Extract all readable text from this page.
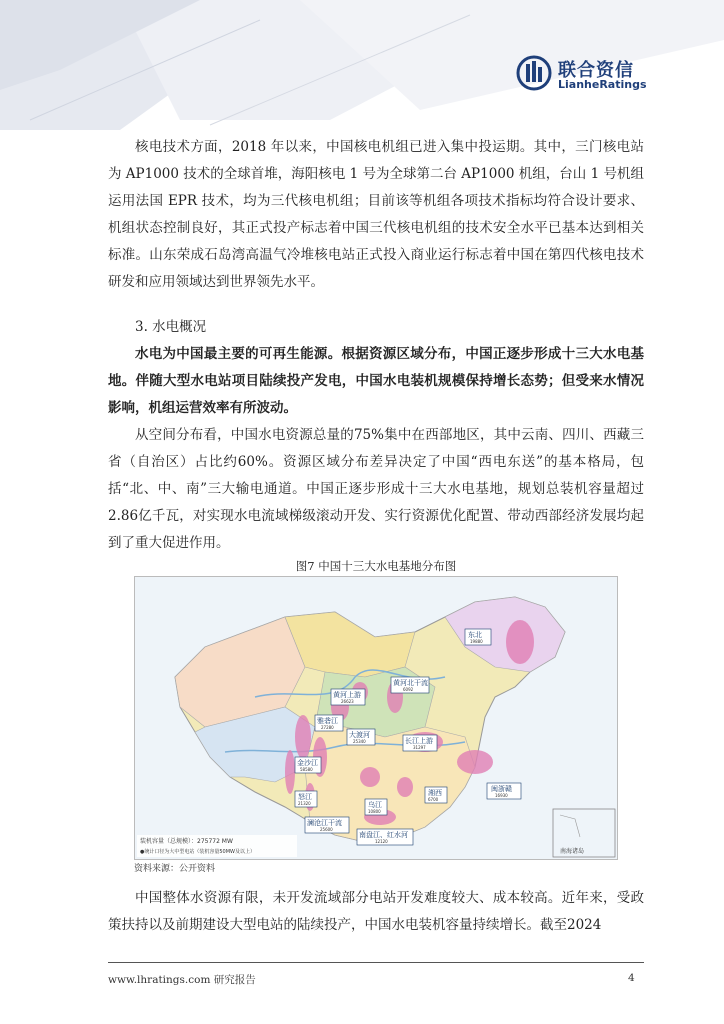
联合资信
LianheRatings

核电技术方面，2018 年以来，中国核电机组已进入集中投运期。其中，三门核电站为 AP1000 技术的全球首堆，海阳核电 1 号为全球第二台 AP1000 机组，台山 1 号机组运用法国 EPR 技术，均为三代核电机组；目前该等机组各项技术指标均符合设计要求、机组状态控制良好，其正式投产标志着中国三代核电机组的技术安全水平已基本达到相关标准。山东荣成石岛湾高温气冷堆核电站正式投入商业运行标志着中国在第四代核电技术研发和应用领域达到世界领先水平。

3. 水电概况

水电为中国最主要的可再生能源。根据资源区域分布，中国正逐步形成十三大水电基地。伴随大型水电站项目陆续投产发电，中国水电装机规模保持增长态势；但受来水情况影响，机组运营效率有所波动。

从空间分布看，中国水电资源总量的75%集中在西部地区，其中云南、四川、西藏三省（自治区）占比约60%。资源区域分布差异决定了中国“西电东送”的基本格局，包括“北、中、南”三大输电通道。中国正逐步形成十三大水电基地，规划总装机容量超过2.86亿千瓦，对实现水电流域梯级滚动开发、实行资源优化配置、带动西部经济发展均起到了重大促进作用。

图7 中国十三大水电基地分布图
东北
19880
黄河北干流
6092
黄河上游
26623
雅砻江
27280
大渡河
25340	长江上游
31297
金沙江
58580
闽浙赣
16930
怒江
21320	乌江
10800
湘西
6700
澜沧江干流
25600
南盘江、红水河
12120
装机容量（总规模）：275772 MW
●统计口径为大中型电站（装机容量50MW及以上）	南海诸岛
资料来源：公开资料

中国整体水资源有限，未开发流域部分电站开发难度较大、成本较高。近年来，受政策扶持以及前期建设大型电站的陆续投产，中国水电装机容量持续增长。截至2024

www.lhratings.com 研究报告	4
